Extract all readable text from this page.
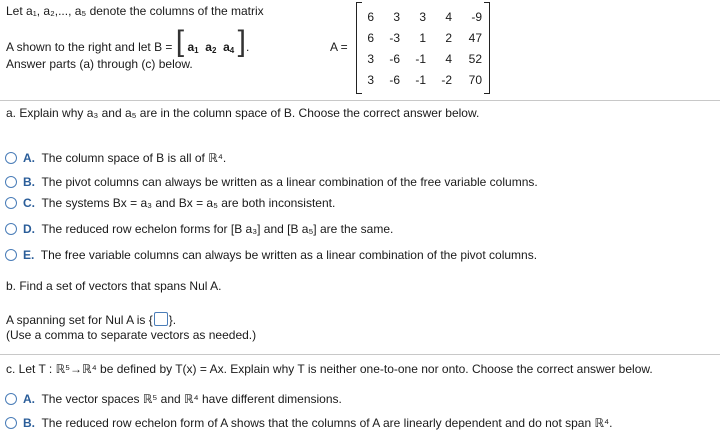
Let a₁, a₂,..., a₅ denote the columns of the matrix
A shown to the right and let B = [ $a_1$ $a_2$ $a_4$ ].
Answer parts (a) through (c) below.
A =
6	3	3	4	-9
6	-3	1	2	47
3	-6	-1	4	52
3	-6	-1	-2	70
a. Explain why a₃ and a₅ are in the column space of B. Choose the correct answer below.
A. The column space of B is all of ℝ⁴.
B. The pivot columns can always be written as a linear combination of the free variable columns.
C. The systems Bx = a₃ and Bx = a₅ are both inconsistent.
D. The reduced row echelon forms for [B a₃] and [B a₅] are the same.
E. The free variable columns can always be written as a linear combination of the pivot columns.
b. Find a set of vectors that spans Nul A.
A spanning set for Nul A is { }.
(Use a comma to separate vectors as needed.)
c. Let T : ℝ⁵→ℝ⁴ be defined by T(x) = Ax. Explain why T is neither one-to-one nor onto. Choose the correct answer below.
A. The vector spaces ℝ⁵ and ℝ⁴ have different dimensions.
B. The reduced row echelon form of A shows that the columns of A are linearly dependent and do not span ℝ⁴.
